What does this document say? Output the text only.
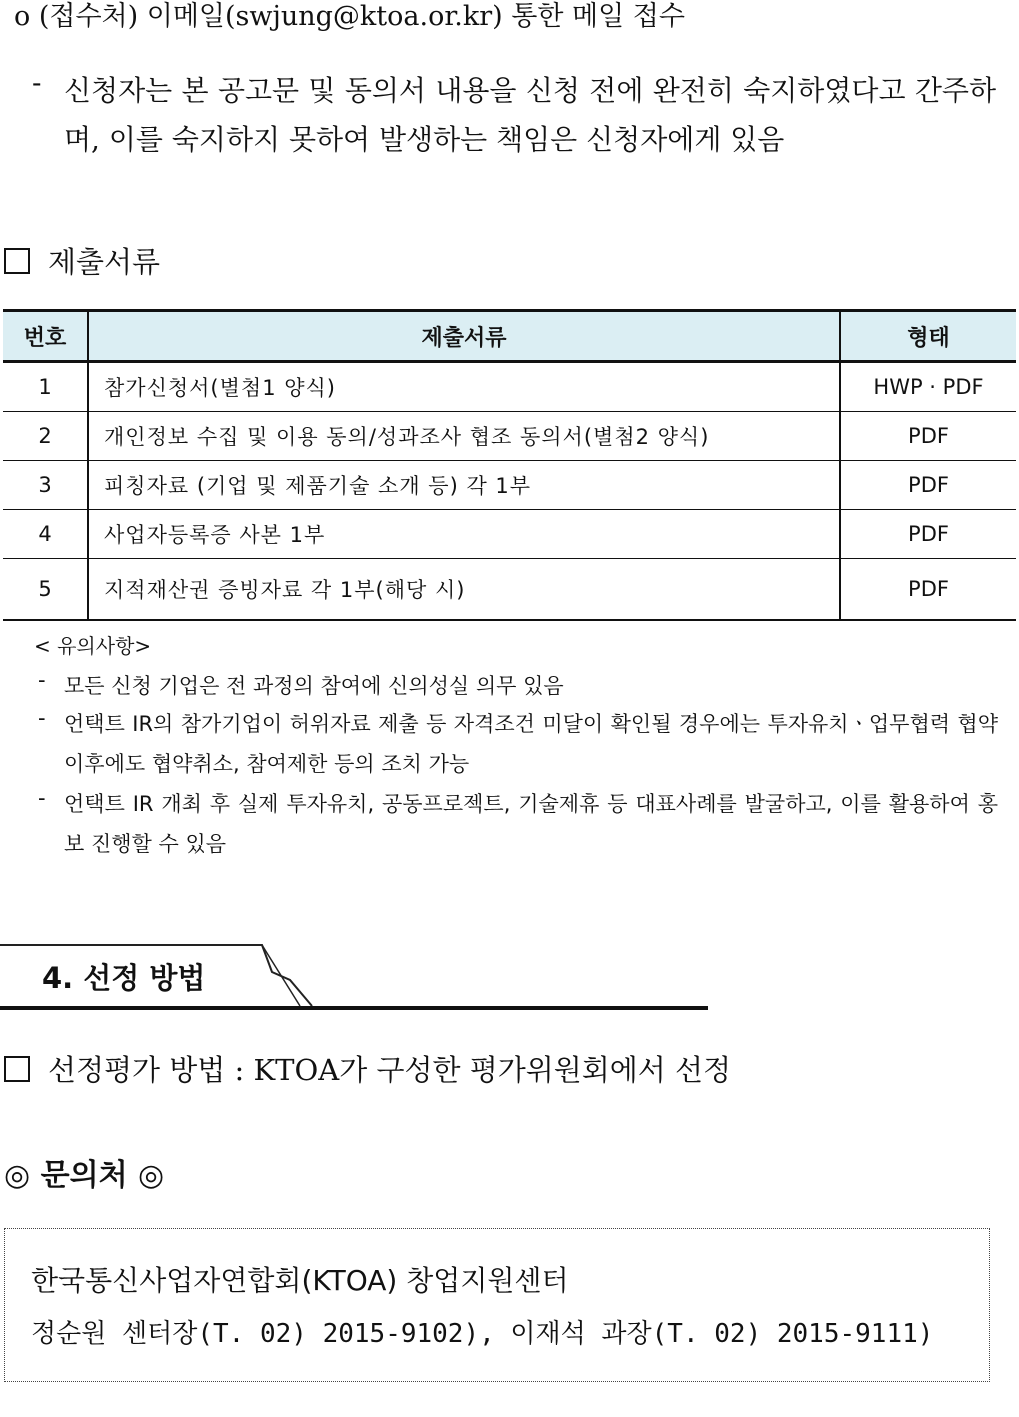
o (접수처) 이메일(swjung@ktoa.or.kr) 통한 메일 접수
- 신청자는 본 공고문 및 동의서 내용을 신청 전에 완전히 숙지하였다고 간주하며, 이를 숙지하지 못하여 발생하는 책임은 신청자에게 있음
제출서류
번호	제출서류	형태
1	참가신청서(별첨1 양식)	HWP · PDF
2	개인정보 수집 및 이용 동의/성과조사 협조 동의서(별첨2 양식)	PDF
3	피칭자료 (기업 및 제품기술 소개 등) 각 1부	PDF
4	사업자등록증 사본 1부	PDF
5	지적재산권 증빙자료 각 1부(해당 시)	PDF
< 유의사항>
- 모든 신청 기업은 전 과정의 참여에 신의성실 의무 있음
- 언택트 IR의 참가기업이 허위자료 제출 등 자격조건 미달이 확인될 경우에는 투자유치ㆍ업무협력 협약 이후에도 협약취소, 참여제한 등의 조치 가능
- 언택트 IR 개최 후 실제 투자유치, 공동프로젝트, 기술제휴 등 대표사례를 발굴하고, 이를 활용하여 홍보 진행할 수 있음
4. 선정 방법
선정평가 방법 : KTOA가 구성한 평가위원회에서 선정
◎ 문의처 ◎
한국통신사업자연합회(KTOA) 창업지원센터
정순원 센터장(T. 02) 2015-9102), 이재석 과장(T. 02) 2015-9111)
